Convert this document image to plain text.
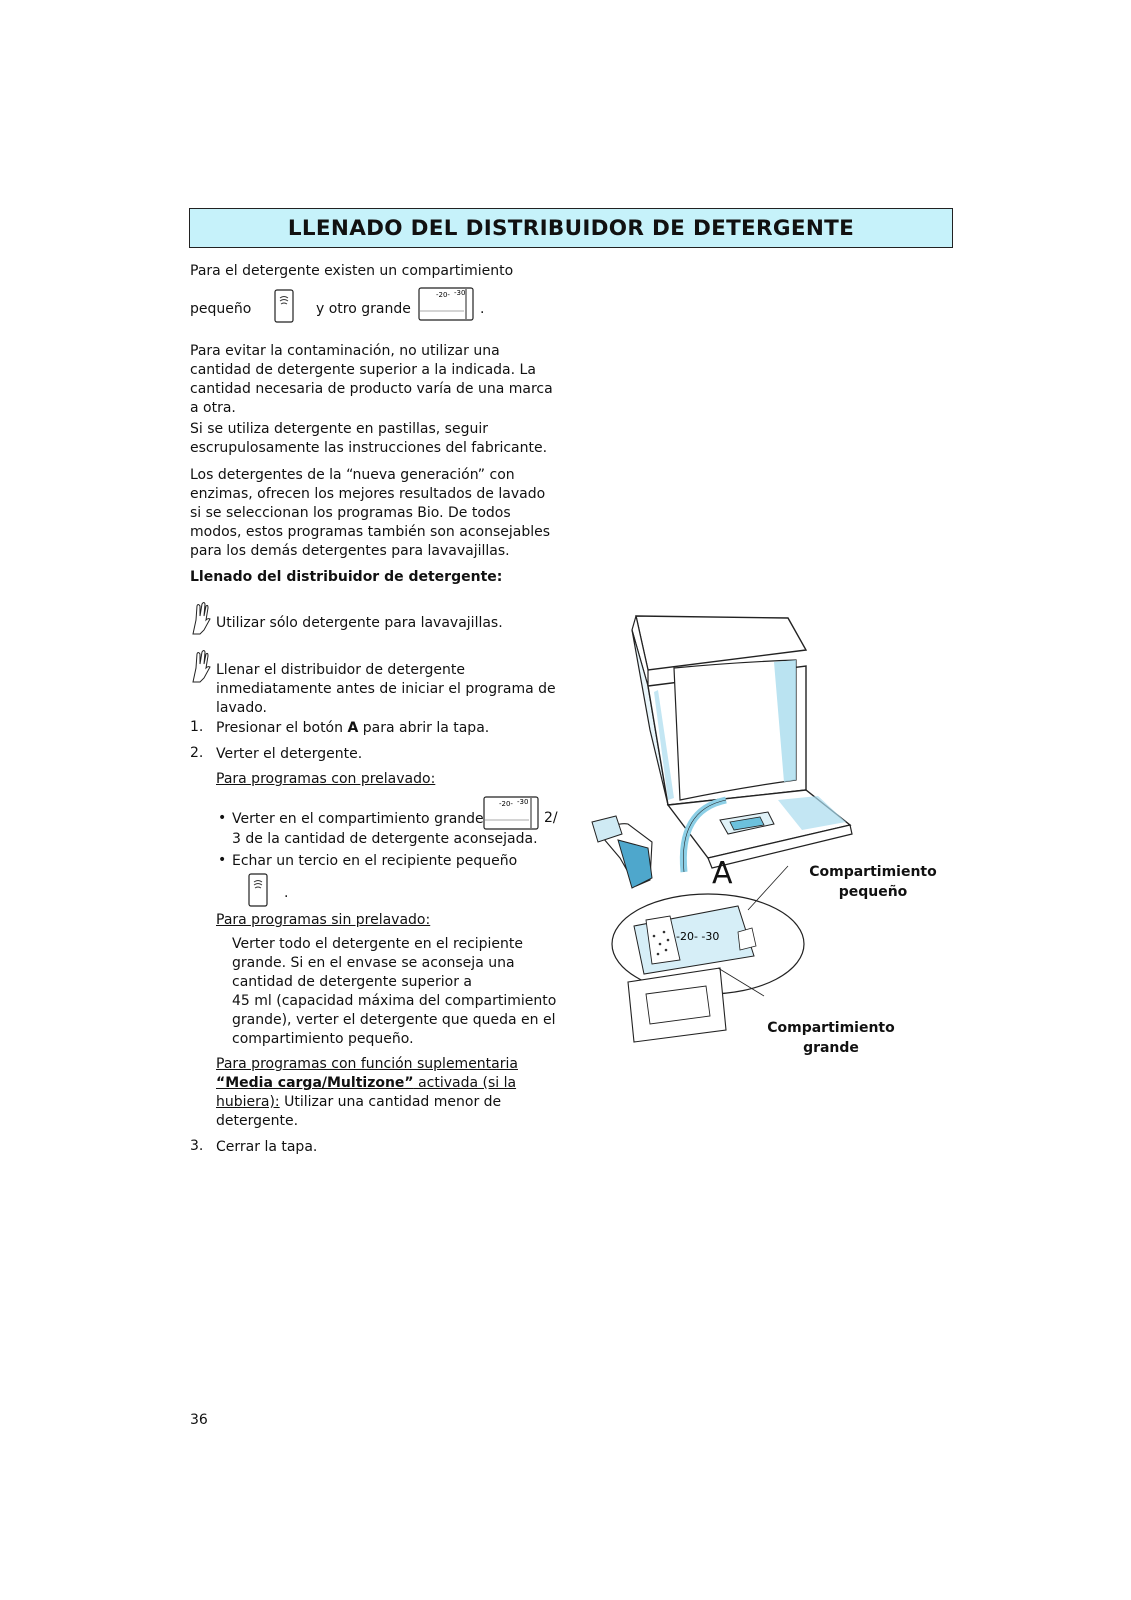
LLENADO DEL DISTRIBUIDOR DE DETERGENTE

Para el detergente existen un compartimiento

pequeño	y otro grande
-20- -30
.

Para evitar la contaminación, no utilizar una cantidad de detergente superior a la indicada. La cantidad necesaria de producto varía de una marca a otra.

Si se utiliza detergente en pastillas, seguir escrupulosamente las instrucciones del fabricante.

Los detergentes de la “nueva generación” con enzimas, ofrecen los mejores resultados de lavado si se seleccionan los programas Bio. De todos modos, estos programas también son aconsejables para los demás detergentes para lavavajillas.

Llenado del distribuidor de detergente:

Utilizar sólo detergente para lavavajillas.

Llenar el distribuidor de detergente inmediatamente antes de iniciar el programa de lavado.

1. Presionar el botón A para abrir la tapa.

2. Verter el detergente.

Para programas con prelavado:

• Verter en el compartimiento grande

-20- -30
2/

3 de la cantidad de detergente aconsejada.

• Echar un tercio en el recipiente pequeño

.

Para programas sin prelavado:

Verter todo el detergente en el recipiente

grande. Si en el envase se aconseja una

cantidad de detergente superior a

45 ml (capacidad máxima del compartimiento

grande), verter el detergente que queda en el

compartimiento pequeño.

Para programas con función suplementaria

“Media carga/Multizone” activada (si la

hubiera): Utilizar una cantidad menor de

detergente.

3. Cerrar la tapa.

-20- -30
A	Compartimiento
pequeño
Compartimiento
grande
36
